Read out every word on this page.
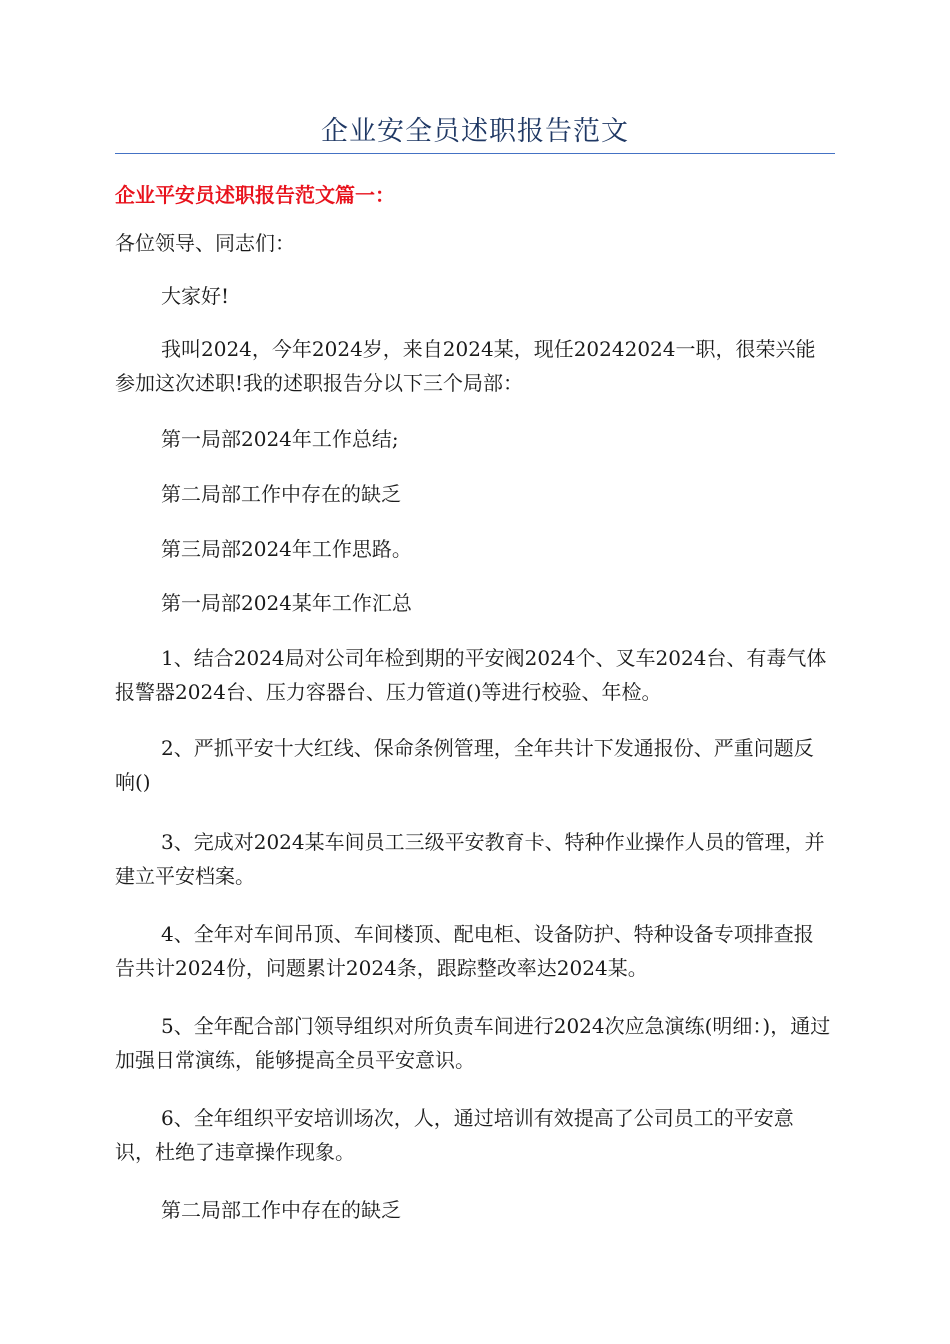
企业安全员述职报告范文
企业平安员述职报告范文篇一：

各位领导、同志们：

大家好!

我叫2024，今年2024岁，来自2024某，现任20242024一职，很荣兴能参加这次述职!我的述职报告分以下三个局部：

第一局部2024年工作总结;

第二局部工作中存在的缺乏

第三局部2024年工作思路。

第一局部2024某年工作汇总

1、结合2024局对公司年检到期的平安阀2024个、叉车2024台、有毒气体报警器2024台、压力容器台、压力管道()等进行校验、年检。

2、严抓平安十大红线、保命条例管理，全年共计下发通报份、严重问题反响()

3、完成对2024某车间员工三级平安教育卡、特种作业操作人员的管理，并建立平安档案。

4、全年对车间吊顶、车间楼顶、配电柜、设备防护、特种设备专项排查报告共计2024份，问题累计2024条，跟踪整改率达2024某。

5、全年配合部门领导组织对所负责车间进行2024次应急演练(明细：)，通过加强日常演练，能够提高全员平安意识。

6、全年组织平安培训场次，人，通过培训有效提高了公司员工的平安意识，杜绝了违章操作现象。

第二局部工作中存在的缺乏
